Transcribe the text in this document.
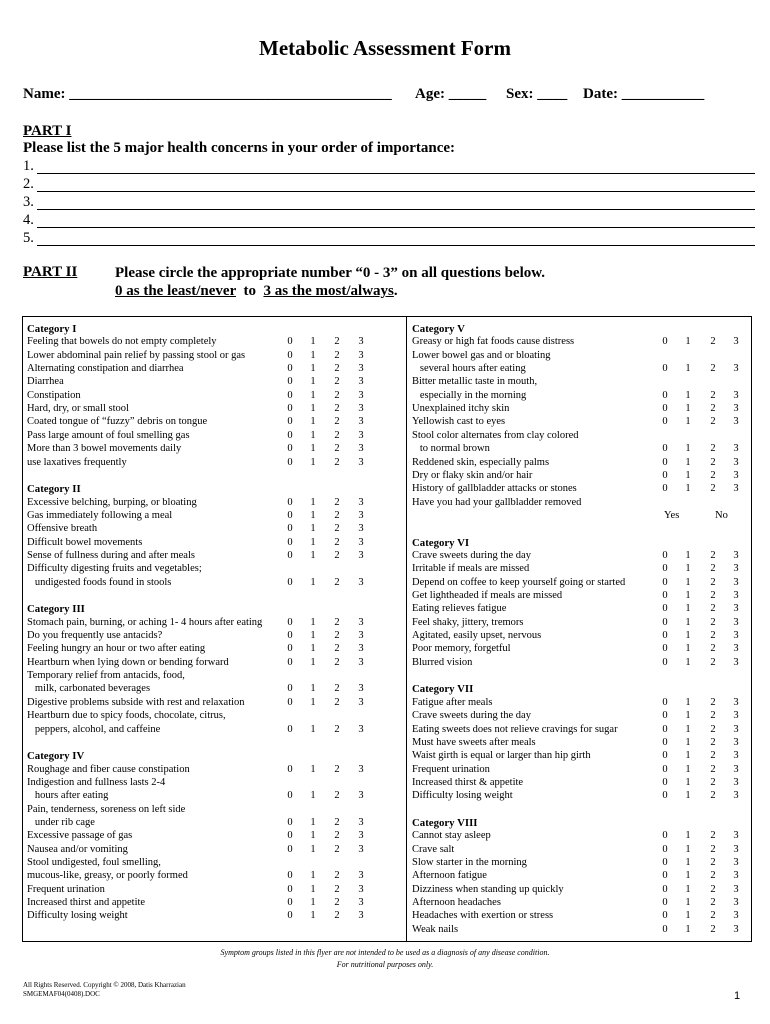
Metabolic Assessment Form
Name: ___________________________________________ Age: _____ Sex: ____ Date: ___________
PART I
Please list the 5 major health concerns in your order of importance:
1.
2.
3.
4.
5.
PART II	Please circle the appropriate number “0 - 3” on all questions below.
0 as the least/never  to  3 as the most/always.
Category I
Feeling that bowels do not empty completely	0 1 2 3
Lower abdominal pain relief by passing stool or gas	0 1 2 3
Alternating constipation and diarrhea	0 1 2 3
Diarrhea	0 1 2 3
Constipation	0 1 2 3
Hard, dry, or small stool	0 1 2 3
Coated tongue of “fuzzy” debris on tongue	0 1 2 3
Pass large amount of foul smelling gas	0 1 2 3
More than 3 bowel movements daily	0 1 2 3
use laxatives frequently	0 1 2 3
Category II
Excessive belching, burping, or bloating	0 1 2 3
Gas immediately following a meal	0 1 2 3
Offensive breath	0 1 2 3
Difficult bowel movements	0 1 2 3
Sense of fullness during and after meals	0 1 2 3
Difficulty digesting fruits and vegetables;
undigested foods found in stools	0 1 2 3
Category III
Stomach pain, burning, or aching 1- 4 hours after eating 0 1 2 3
Do you frequently use antacids?	0 1 2 3
Feeling hungry an hour or two after eating	0 1 2 3
Heartburn when lying down or bending forward	0 1 2 3
Temporary relief from antacids, food,
milk, carbonated beverages	0 1 2 3
Digestive problems subside with rest and relaxation	0 1 2 3
Heartburn due to spicy foods, chocolate, citrus,
peppers, alcohol, and caffeine	0 1 2 3
Category IV
Roughage and fiber cause constipation	0 1 2 3
Indigestion and fullness lasts 2-4
hours after eating	0 1 2 3
Pain, tenderness, soreness on left side
under rib cage	0 1 2 3
Excessive passage of gas	0 1 2 3
Nausea and/or vomiting	0 1 2 3
Stool undigested, foul smelling,
mucous-like, greasy, or poorly formed	0 1 2 3
Frequent urination	0 1 2 3
Increased thirst and appetite	0 1 2 3
Difficulty losing weight	0 1 2 3
Category V
Greasy or high fat foods cause distress	0 1 2 3
Lower bowel gas and or bloating
several hours after eating	0 1 2 3
Bitter metallic taste in mouth,
especially in the morning	0 1 2 3
Unexplained itchy skin	0 1 2 3
Yellowish cast to eyes	0 1 2 3
Stool color alternates from clay colored
to normal brown	0 1 2 3
Reddened skin, especially palms	0 1 2 3
Dry or flaky skin and/or hair	0 1 2 3
History of gallbladder attacks or stones	0 1 2 3
Have you had your gallbladder removed
Yes	No
Category VI
Crave sweets during the day	0 1 2 3
Irritable if meals are missed	0 1 2 3
Depend on coffee to keep yourself going or started	0 1 2 3
Get lightheaded if meals are missed	0 1 2 3
Eating relieves fatigue	0 1 2 3
Feel shaky, jittery, tremors	0 1 2 3
Agitated, easily upset, nervous	0 1 2 3
Poor memory, forgetful	0 1 2 3
Blurred vision	0 1 2 3
Category VII
Fatigue after meals	0 1 2 3
Crave sweets during the day	0 1 2 3
Eating sweets does not relieve cravings for sugar	0 1 2 3
Must have sweets after meals	0 1 2 3
Waist girth is equal or larger than hip girth	0 1 2 3
Frequent urination	0 1 2 3
Increased thirst & appetite	0 1 2 3
Difficulty losing weight	0 1 2 3
Category VIII
Cannot stay asleep	0 1 2 3
Crave salt	0 1 2 3
Slow starter in the morning	0 1 2 3
Afternoon fatigue	0 1 2 3
Dizziness when standing up quickly	0 1 2 3
Afternoon headaches	0 1 2 3
Headaches with exertion or stress	0 1 2 3
Weak nails	0 1 2 3
Symptom groups listed in this flyer are not intended to be used as a diagnosis of any disease condition.
For nutritional purposes only.
All Rights Reserved. Copyright © 2008, Datis Kharrazian
SMGEMAF04(0408).DOC	1
